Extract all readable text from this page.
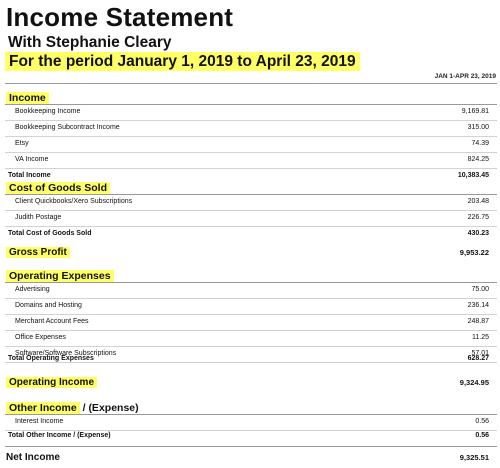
Income Statement
With Stephanie Cleary
For the period January 1, 2019 to April 23, 2019
JAN 1-APR 23, 2019
Income
Bookkeeping Income	9,169.81
Bookkeeping Subcontract Income	315.00
Etsy	74.39
VA Income	824.25
Total Income	10,383.45
Cost of Goods Sold
Client Quickbooks/Xero Subscriptions	203.48
Judith Postage	226.75
Total Cost of Goods Sold	430.23
Gross Profit	9,953.22
Operating Expenses
Advertising	75.00
Domains and Hosting	236.14
Merchant Account Fees	248.87
Office Expenses	11.25
Software/Software Subscriptions	57.01
Total Operating Expenses	628.27
Operating Income	9,324.95
Other Income / (Expense)
Interest Income	0.56
Total Other Income / (Expense)	0.56
Net Income	9,325.51
